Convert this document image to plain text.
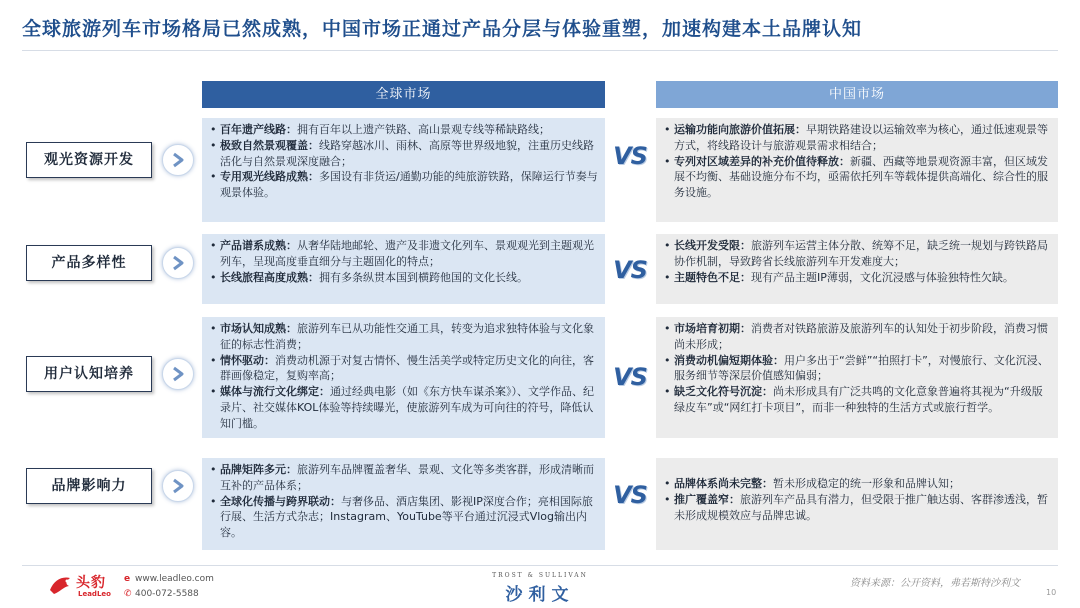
全球旅游列车市场格局已然成熟，中国市场正通过产品分层与体验重塑，加速构建本土品牌认知
全球市场	中国市场
观光资源开发
• 百年遗产线路：拥有百年以上遗产铁路、高山景观专线等稀缺路线；
• 极致自然景观覆盖：线路穿越冰川、雨林、高原等世界级地貌，注重历史线路活化与自然景观深度融合；
• 专用观光线路成熟：多国设有非货运/通勤功能的纯旅游铁路，保障运行节奏与观景体验。
VS
• 运输功能向旅游价值拓展：早期铁路建设以运输效率为核心，通过低速观景等方式，将线路设计与旅游观景需求相结合；
• 专列对区域差异的补充价值待释放：新疆、西藏等地景观资源丰富，但区域发展不均衡、基础设施分布不均，亟需依托列车等载体提供高端化、综合性的服务设施。
产品多样性
• 产品谱系成熟：从奢华陆地邮轮、遗产及非遗文化列车、景观观光到主题观光列车，呈现高度垂直细分与主题固化的特点；
• 长线旅程高度成熟：拥有多条纵贯本国到横跨他国的文化长线。	VS
• 长线开发受限：旅游列车运营主体分散、统筹不足，缺乏统一规划与跨铁路局协作机制，导致跨省长线旅游列车开发难度大；
• 主题特色不足：现有产品主题IP薄弱，文化沉浸感与体验独特性欠缺。
用户认知培养
• 市场认知成熟：旅游列车已从功能性交通工具，转变为追求独特体验与文化象征的标志性消费；
• 情怀驱动：消费动机源于对复古情怀、慢生活美学或特定历史文化的向往，客群画像稳定，复购率高；
• 媒体与流行文化绑定：通过经典电影（如《东方快车谋杀案》）、文学作品、纪录片、社交媒体KOL体验等持续曝光，使旅游列车成为可向往的符号，降低认知门槛。
VS
• 市场培育初期：消费者对铁路旅游及旅游列车的认知处于初步阶段，消费习惯尚未形成；
• 消费动机偏短期体验：用户多出于“尝鲜”“拍照打卡”，对慢旅行、文化沉浸、服务细节等深层价值感知偏弱；
• 缺乏文化符号沉淀：尚未形成具有广泛共鸣的文化意象普遍将其视为“升级版绿皮车”或“网红打卡项目”，而非一种独特的生活方式或旅行哲学。
品牌影响力
• 品牌矩阵多元：旅游列车品牌覆盖奢华、景观、文化等多类客群，形成清晰而互补的产品体系；
• 全球化传播与跨界联动：与奢侈品、酒店集团、影视IP深度合作；亮相国际旅行展、生活方式杂志；Instagram、YouTube等平台通过沉浸式Vlog输出内容。
VS
•	品牌体系尚未完整：暂未形成稳定的统一形象和品牌认知；
• 推广覆盖窄：旅游列车产品具有潜力，但受限于推广触达弱、客群渗透浅，暂未形成规模效应与品牌忠诚。
头豹
LeadLeo
e www.leadleo.com
✆ 400-072-5588
TROST & SULLIVAN
沙利文
资料来源：公开资料，弗若斯特沙利文
10
